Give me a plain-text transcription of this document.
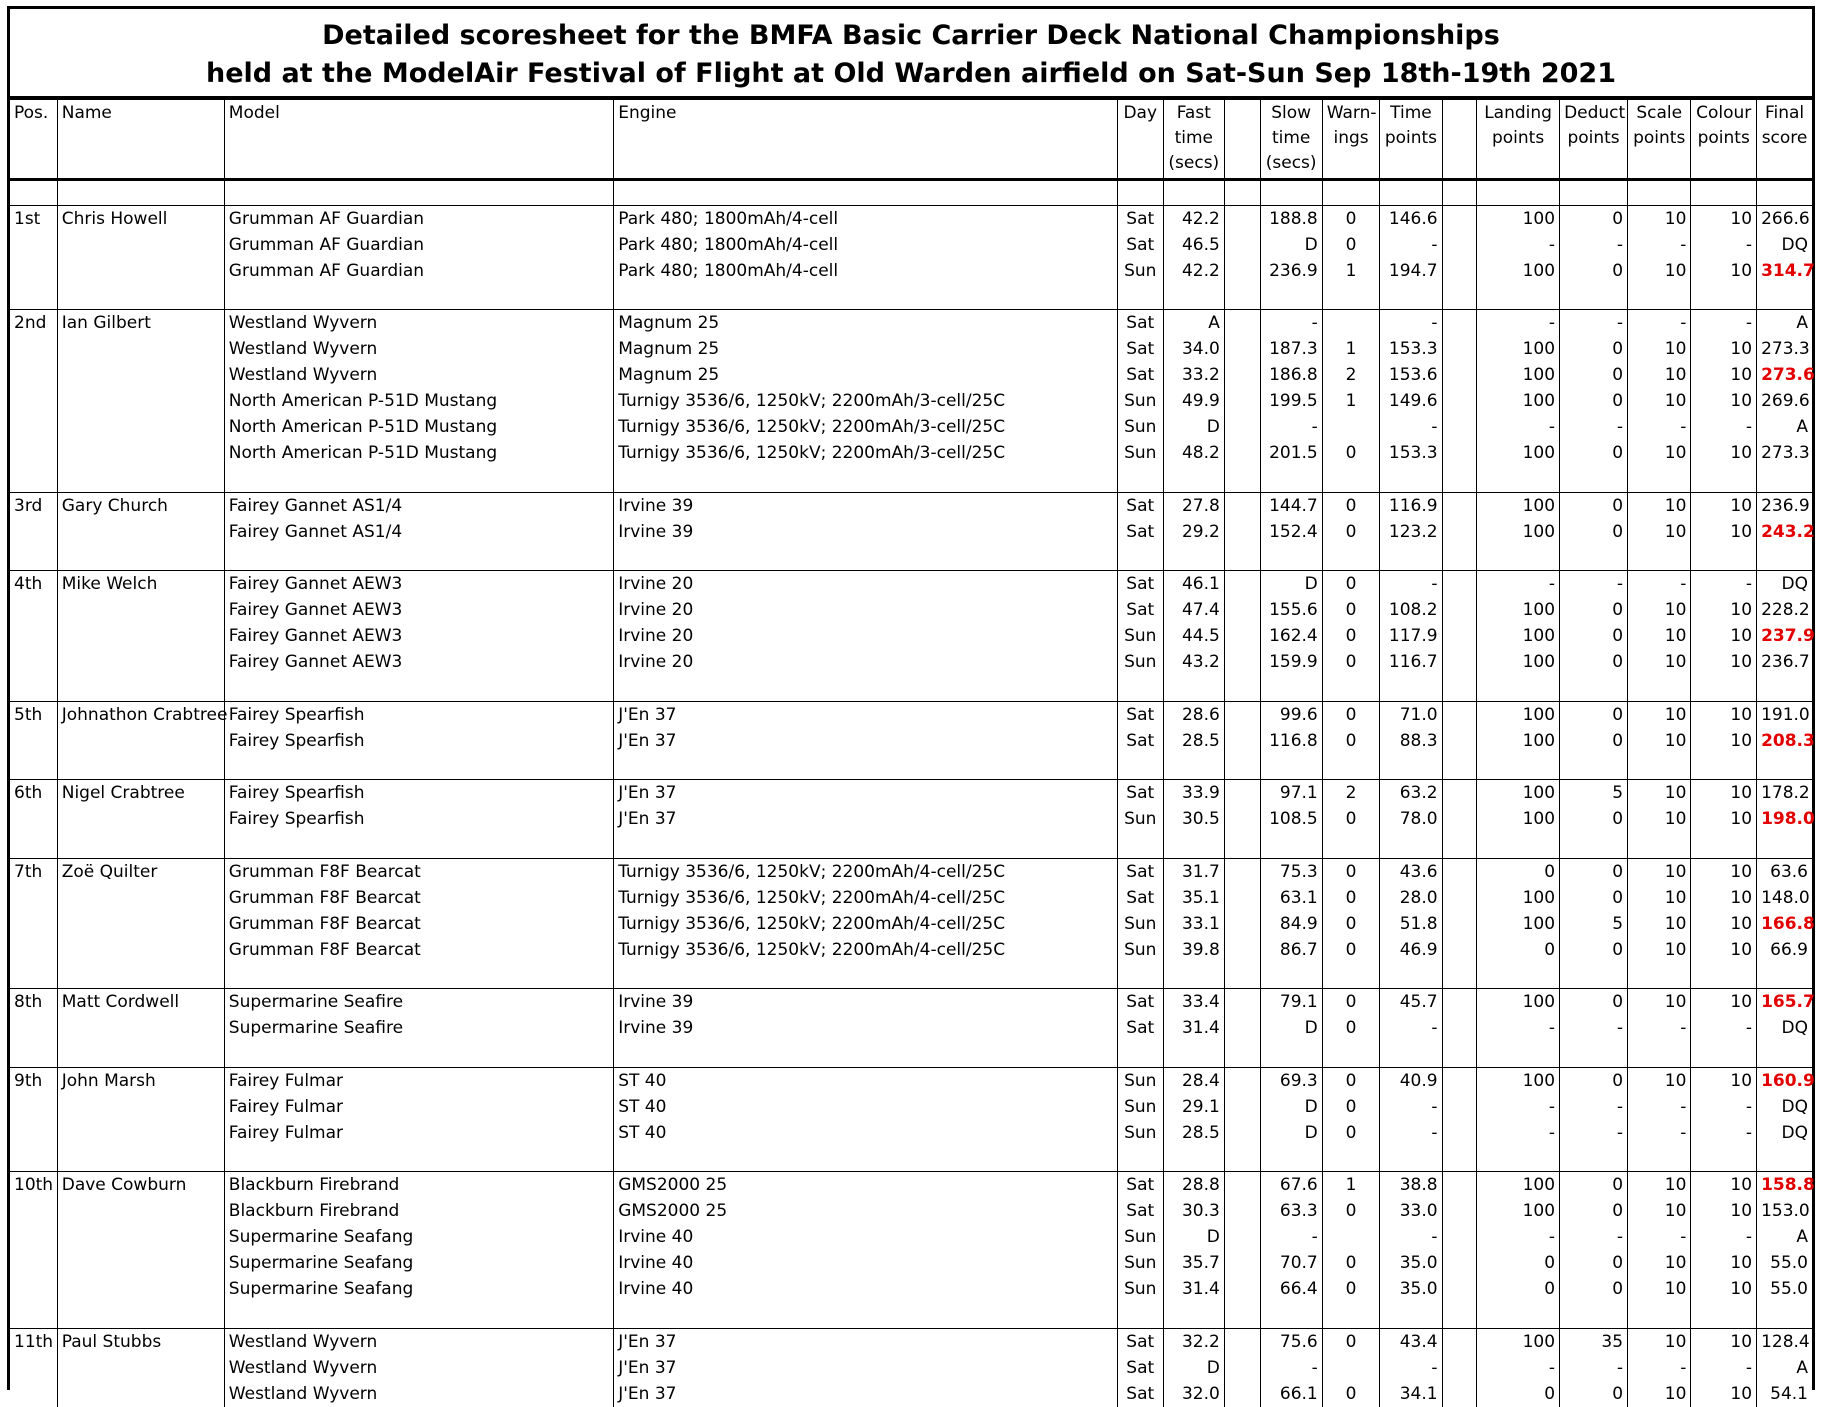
Detailed scoresheet for the BMFA Basic Carrier Deck National Championships
held at the ModelAir Festival of Flight at Old Warden airfield on Sat-Sun Sep 18th-19th 2021
Pos.	Name	Model	Engine	Day	Fast time (secs)		Slow time (secs)	Warn-ings	Time points		Landing points	Deduct points	Scale points	Colour points	Final score

1st	Chris Howell	Grumman AF Guardian	Park 480; 1800mAh/4-cell	Sat	42.2		188.8	0	146.6		100	0	10	10	266.6
		Grumman AF Guardian	Park 480; 1800mAh/4-cell	Sat	46.5		D	0	-		-	-	-	-	DQ
		Grumman AF Guardian	Park 480; 1800mAh/4-cell	Sun	42.2		236.9	1	194.7		100	0	10	10	314.7

2nd	Ian Gilbert	Westland Wyvern	Magnum 25	Sat	A		-		-		-	-	-	-	A
		Westland Wyvern	Magnum 25	Sat	34.0		187.3	1	153.3		100	0	10	10	273.3
		Westland Wyvern	Magnum 25	Sat	33.2		186.8	2	153.6		100	0	10	10	273.6
		North American P-51D Mustang	Turnigy 3536/6, 1250kV; 2200mAh/3-cell/25C	Sun	49.9		199.5	1	149.6		100	0	10	10	269.6
		North American P-51D Mustang	Turnigy 3536/6, 1250kV; 2200mAh/3-cell/25C	Sun	D		-		-		-	-	-	-	A
		North American P-51D Mustang	Turnigy 3536/6, 1250kV; 2200mAh/3-cell/25C	Sun	48.2		201.5	0	153.3		100	0	10	10	273.3

3rd	Gary Church	Fairey Gannet AS1/4	Irvine 39	Sat	27.8		144.7	0	116.9		100	0	10	10	236.9
		Fairey Gannet AS1/4	Irvine 39	Sat	29.2		152.4	0	123.2		100	0	10	10	243.2

4th	Mike Welch	Fairey Gannet AEW3	Irvine 20	Sat	46.1		D	0	-		-	-	-	-	DQ
		Fairey Gannet AEW3	Irvine 20	Sat	47.4		155.6	0	108.2		100	0	10	10	228.2
		Fairey Gannet AEW3	Irvine 20	Sun	44.5		162.4	0	117.9		100	0	10	10	237.9
		Fairey Gannet AEW3	Irvine 20	Sun	43.2		159.9	0	116.7		100	0	10	10	236.7

5th	Johnathon Crabtree	Fairey Spearfish	J'En 37	Sat	28.6		99.6	0	71.0		100	0	10	10	191.0
		Fairey Spearfish	J'En 37	Sat	28.5		116.8	0	88.3		100	0	10	10	208.3

6th	Nigel Crabtree	Fairey Spearfish	J'En 37	Sat	33.9		97.1	2	63.2		100	5	10	10	178.2
		Fairey Spearfish	J'En 37	Sun	30.5		108.5	0	78.0		100	0	10	10	198.0

7th	Zoë Quilter	Grumman F8F Bearcat	Turnigy 3536/6, 1250kV; 2200mAh/4-cell/25C	Sat	31.7		75.3	0	43.6		0	0	10	10	63.6
		Grumman F8F Bearcat	Turnigy 3536/6, 1250kV; 2200mAh/4-cell/25C	Sat	35.1		63.1	0	28.0		100	0	10	10	148.0
		Grumman F8F Bearcat	Turnigy 3536/6, 1250kV; 2200mAh/4-cell/25C	Sun	33.1		84.9	0	51.8		100	5	10	10	166.8
		Grumman F8F Bearcat	Turnigy 3536/6, 1250kV; 2200mAh/4-cell/25C	Sun	39.8		86.7	0	46.9		0	0	10	10	66.9

8th	Matt Cordwell	Supermarine Seafire	Irvine 39	Sat	33.4		79.1	0	45.7		100	0	10	10	165.7
		Supermarine Seafire	Irvine 39	Sat	31.4		D	0	-		-	-	-	-	DQ

9th	John Marsh	Fairey Fulmar	ST 40	Sun	28.4		69.3	0	40.9		100	0	10	10	160.9
		Fairey Fulmar	ST 40	Sun	29.1		D	0	-		-	-	-	-	DQ
		Fairey Fulmar	ST 40	Sun	28.5		D	0	-		-	-	-	-	DQ

10th	Dave Cowburn	Blackburn Firebrand	GMS2000 25	Sat	28.8		67.6	1	38.8		100	0	10	10	158.8
		Blackburn Firebrand	GMS2000 25	Sat	30.3		63.3	0	33.0		100	0	10	10	153.0
		Supermarine Seafang	Irvine 40	Sun	D		-		-		-	-	-	-	A
		Supermarine Seafang	Irvine 40	Sun	35.7		70.7	0	35.0		0	0	10	10	55.0
		Supermarine Seafang	Irvine 40	Sun	31.4		66.4	0	35.0		0	0	10	10	55.0

11th	Paul Stubbs	Westland Wyvern	J'En 37	Sat	32.2		75.6	0	43.4		100	35	10	10	128.4
		Westland Wyvern	J'En 37	Sat	D		-		-		-	-	-	-	A
		Westland Wyvern	J'En 37	Sat	32.0		66.1	0	34.1		0	0	10	10	54.1
